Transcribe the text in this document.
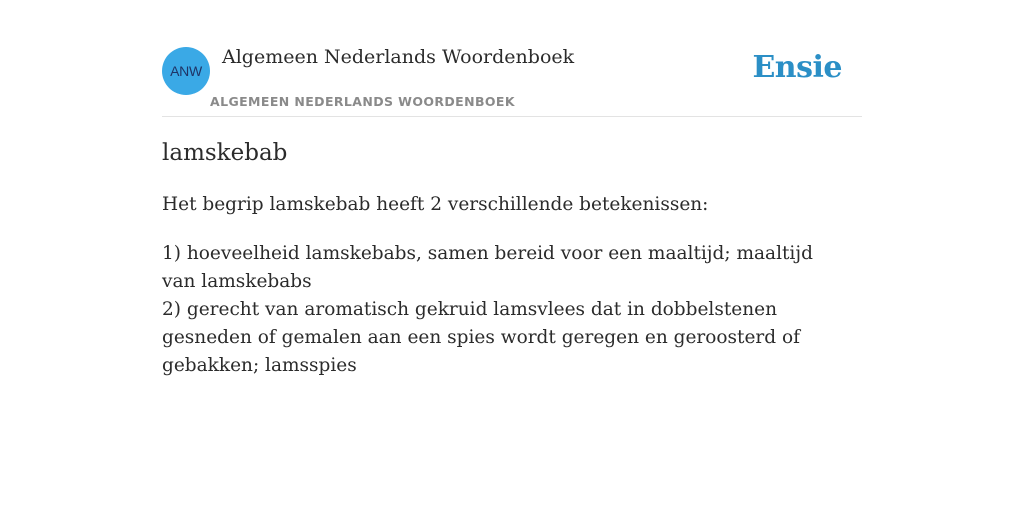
ANW
Algemeen Nederlands Woordenboek
ALGEMEEN NEDERLANDS WOORDENBOEK
Ensie
lamskebab

Het begrip lamskebab heeft 2 verschillende betekenissen:

1) hoeveelheid lamskebabs, samen bereid voor een maaltijd; maaltijd van lamskebabs
2) gerecht van aromatisch gekruid lamsvlees dat in dobbelstenen gesneden of gemalen aan een spies wordt geregen en geroosterd of gebakken; lamsspies
